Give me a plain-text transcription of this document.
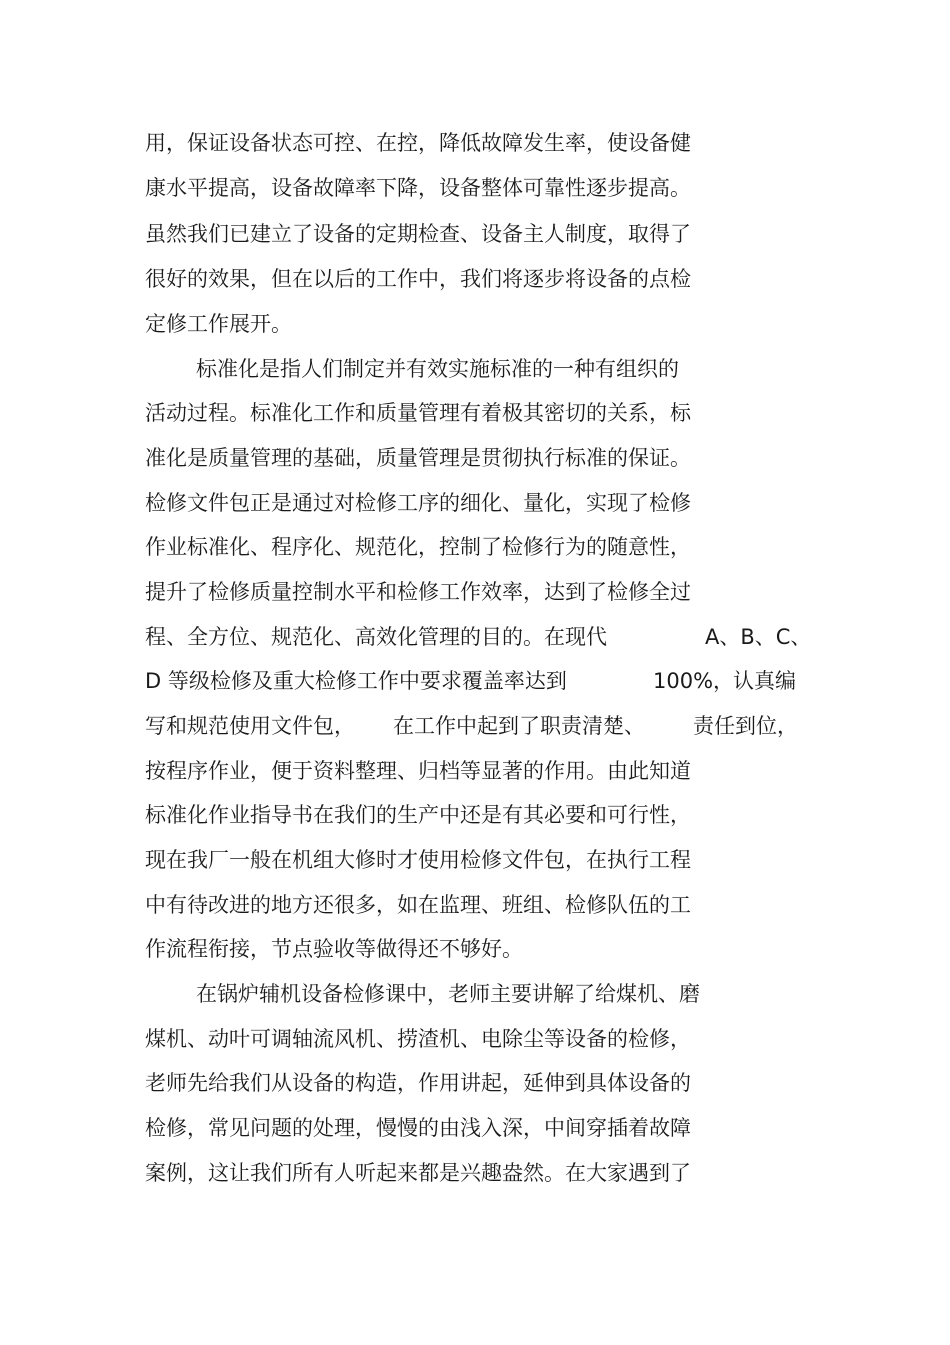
用，保证设备状态可控、在控，降低故障发生率，使设备健
康水平提高，设备故障率下降，设备整体可靠性逐步提高。
虽然我们已建立了设备的定期检查、设备主人制度，取得了
很好的效果，但在以后的工作中，我们将逐步将设备的点检
定修工作展开。
标准化是指人们制定并有效实施标准的一种有组织的
活动过程。标准化工作和质量管理有着极其密切的关系，标
准化是质量管理的基础，质量管理是贯彻执行标准的保证。
检修文件包正是通过对检修工序的细化、量化，实现了检修
作业标准化、程序化、规范化，控制了检修行为的随意性，
提升了检修质量控制水平和检修工作效率，达到了检修全过
程、全方位、规范化、高效化管理的目的。在现代	A、B、C、
D 等级检修及重大检修工作中要求覆盖率达到	100%，
认真编
写和规范使用文件包， 在工作中起到了职责清楚、 责任到位，
按程序作业，便于资料整理、归档等显著的作用。由此知道
标准化作业指导书在我们的生产中还是有其必要和可行性，
现在我厂一般在机组大修时才使用检修文件包，在执行工程
中有待改进的地方还很多，如在监理、班组、检修队伍的工
作流程衔接，节点验收等做得还不够好。
在锅炉辅机设备检修课中，老师主要讲解了给煤机、磨
煤机、动叶可调轴流风机、捞渣机、电除尘等设备的检修，
老师先给我们从设备的构造，作用讲起，延伸到具体设备的
检修，常见问题的处理，慢慢的由浅入深，中间穿插着故障
案例，这让我们所有人听起来都是兴趣盎然。在大家遇到了
